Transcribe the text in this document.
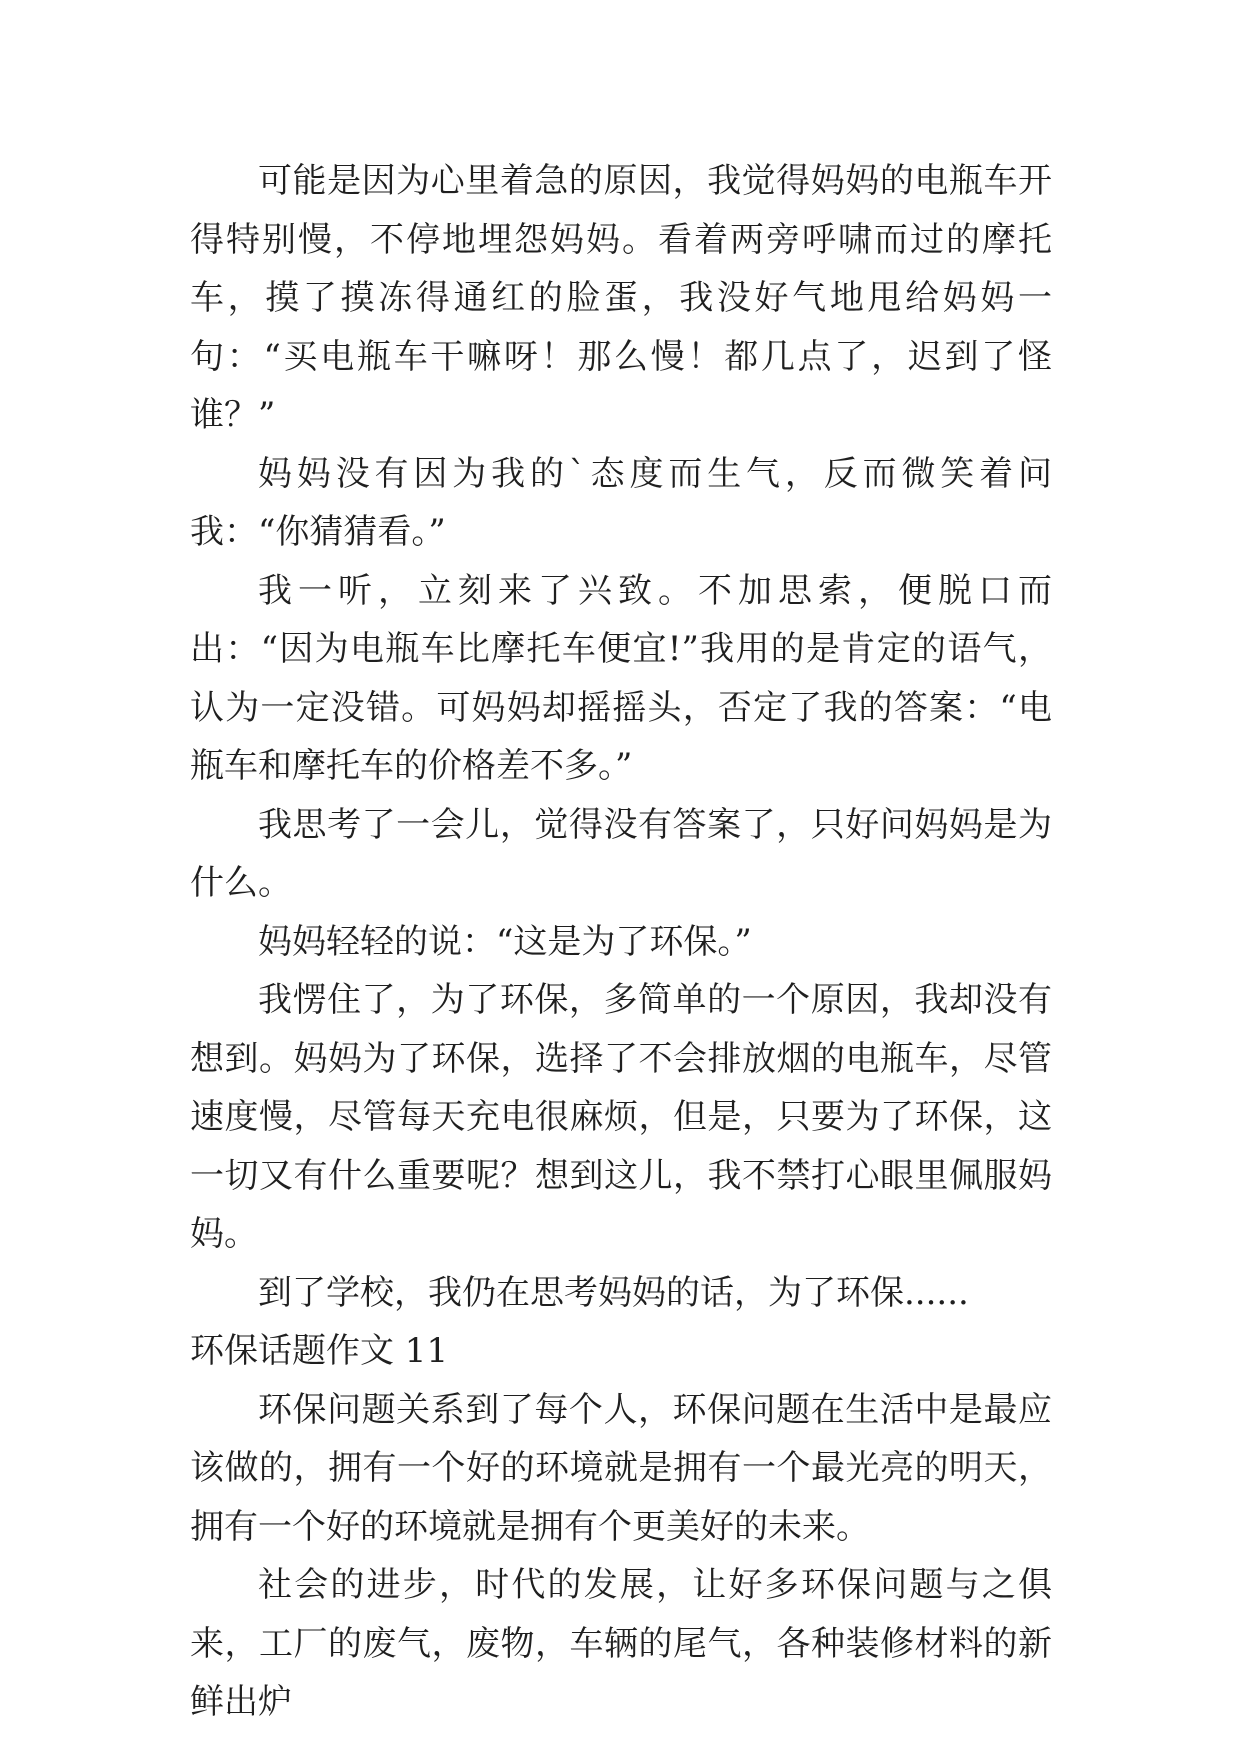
可能是因为心里着急的原因，我觉得妈妈的电瓶车开得特别慢，不停地埋怨妈妈。看着两旁呼啸而过的摩托车，摸了摸冻得通红的脸蛋，我没好气地甩给妈妈一句：“买电瓶车干嘛呀！那么慢！都几点了，迟到了怪谁？”

妈妈没有因为我的`态度而生气，反而微笑着问我：“你猜猜看。”

我一听，立刻来了兴致。不加思索，便脱口而出：“因为电瓶车比摩托车便宜!”我用的是肯定的语气，认为一定没错。可妈妈却摇摇头，否定了我的答案：“电瓶车和摩托车的价格差不多。”

我思考了一会儿，觉得没有答案了，只好问妈妈是为什么。

妈妈轻轻的说：“这是为了环保。”

我愣住了，为了环保，多简单的一个原因，我却没有想到。妈妈为了环保，选择了不会排放烟的电瓶车，尽管速度慢，尽管每天充电很麻烦，但是，只要为了环保，这一切又有什么重要呢？想到这儿，我不禁打心眼里佩服妈妈。

到了学校，我仍在思考妈妈的话，为了环保......

环保话题作文 11

环保问题关系到了每个人，环保问题在生活中是最应该做的，拥有一个好的环境就是拥有一个最光亮的明天，拥有一个好的环境就是拥有个更美好的未来。

社会的进步，时代的发展，让好多环保问题与之俱来，工厂的废气，废物，车辆的尾气，各种装修材料的新鲜出炉
